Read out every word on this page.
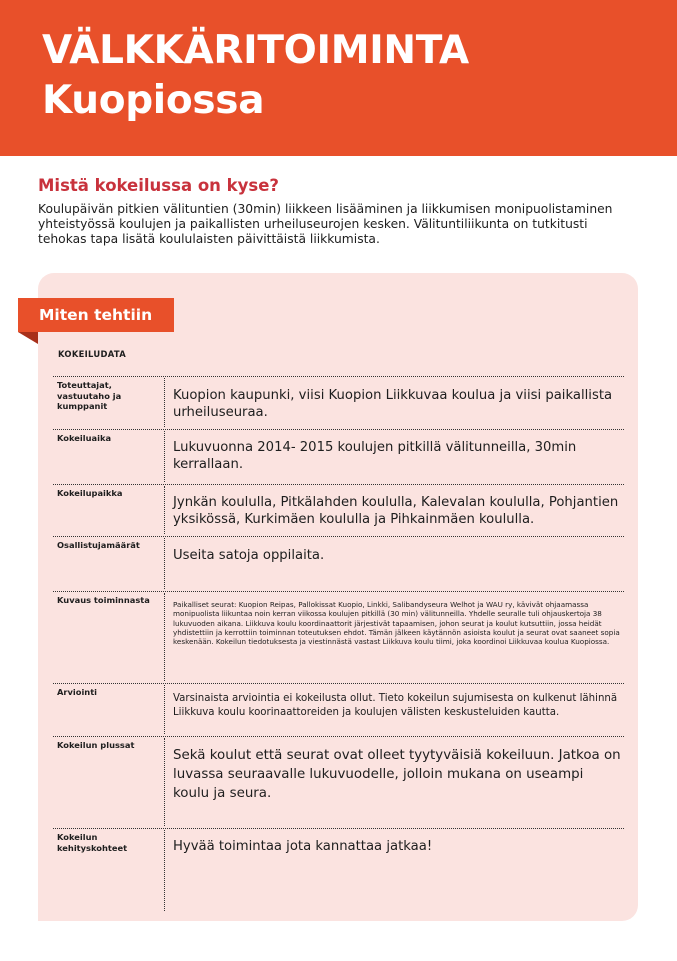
VÄLKKÄRITOIMINTA
Kuopiossa
Mistä kokeilussa on kyse?

Koulupäivän pitkien välituntien (30min) liikkeen lisääminen ja liikkumisen monipuolistaminen yhteistyössä koulujen ja paikallisten urheiluseurojen kesken. Välituntiliikunta on tutkitusti tehokas tapa lisätä koululaisten päivittäistä liikkumista.

Miten tehtiin
KOKEILUDATA
Toteuttajat, vastuutaho ja kumppanit

Kuopion kaupunki, viisi Kuopion Liikkuvaa koulua ja viisi paikallista urheiluseuraa.

Kokeiluaika

Lukuvuonna 2014- 2015 koulujen pitkillä välitunneilla, 30min kerrallaan.

Kokeilupaikka

Jynkän koululla, Pitkälahden koululla, Kalevalan koululla, Pohjantien yksikössä, Kurkimäen koululla ja Pihkainmäen koululla.

Osallistujamäärät

Useita satoja oppilaita.

Kuvaus toiminnasta	Paikalliset seurat: Kuopion Reipas, Pallokissat Kuopio, Linkki, Salibandyseura Welhot ja WAU ry, kävivät ohjaamassa monipuolista liikuntaa noin kerran viikossa koulujen pitkillä (30 min) välitunneilla. Yhdelle seuralle tuli ohjauskertoja 38 lukuvuoden aikana. Liikkuva koulu koordinaattorit järjestivät tapaamisen, johon seurat ja koulut kutsuttiin, jossa heidät yhdistettiin ja kerrottiin toiminnan toteutuksen ehdot. Tämän jälkeen käytännön asioista koulut ja seurat ovat saaneet sopia keskenään. Kokeilun tiedotuksesta ja viestinnästä vastast Liikkuva koulu tiimi, joka koordinoi Liikkuvaa koulua Kuopiossa.

Arviointi

Varsinaista arviointia ei kokeilusta ollut. Tieto kokeilun sujumisesta on kulkenut lähinnä Liikkuva koulu koorinaattoreiden ja koulujen välisten keskusteluiden kautta.

Kokeilun plussat

Sekä koulut että seurat ovat olleet tyytyväisiä kokeiluun. Jatkoa on luvassa seuraavalle lukuvuodelle, jolloin mukana on useampi koulu ja seura.

Kokeilun kehityskohteet	Hyvää toimintaa jota kannattaa jatkaa!
